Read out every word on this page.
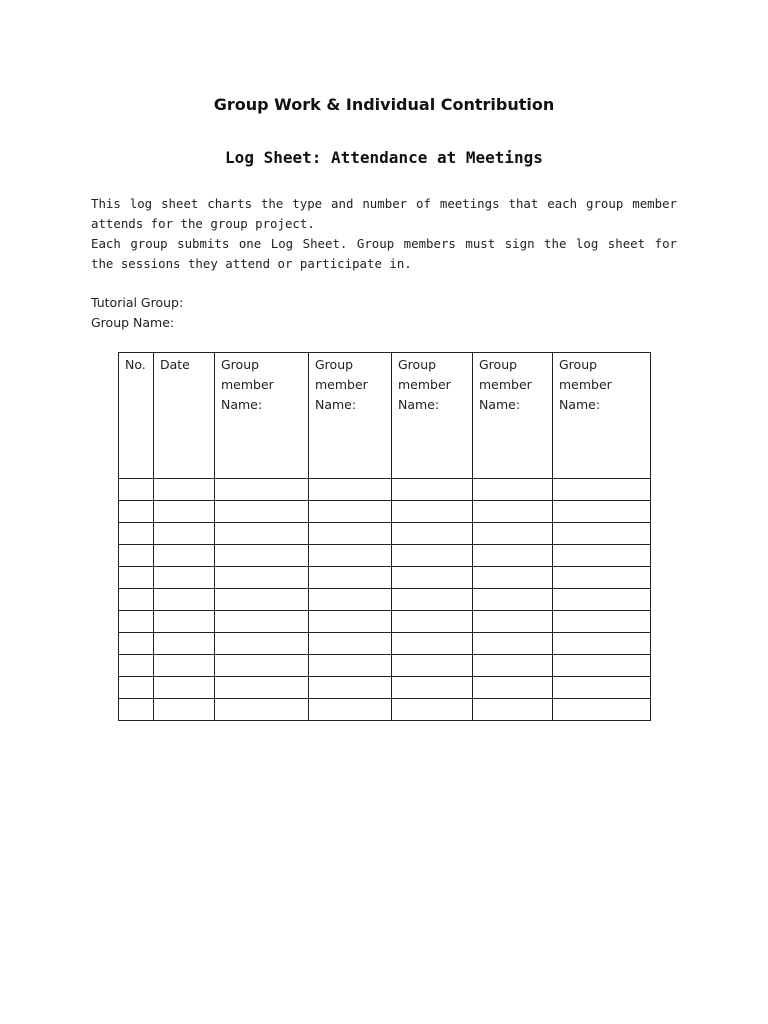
Group Work & Individual Contribution
Log Sheet: Attendance at Meetings
This log sheet charts the type and number of meetings that each group member attends for the group project.
Each group submits one Log Sheet. Group members must sign the log sheet for the sessions they attend or participate in.
Tutorial Group:
Group Name:
No.	Date	Group member Name:	Group member Name:	Group member Name:	Group member Name:	Group member Name:
